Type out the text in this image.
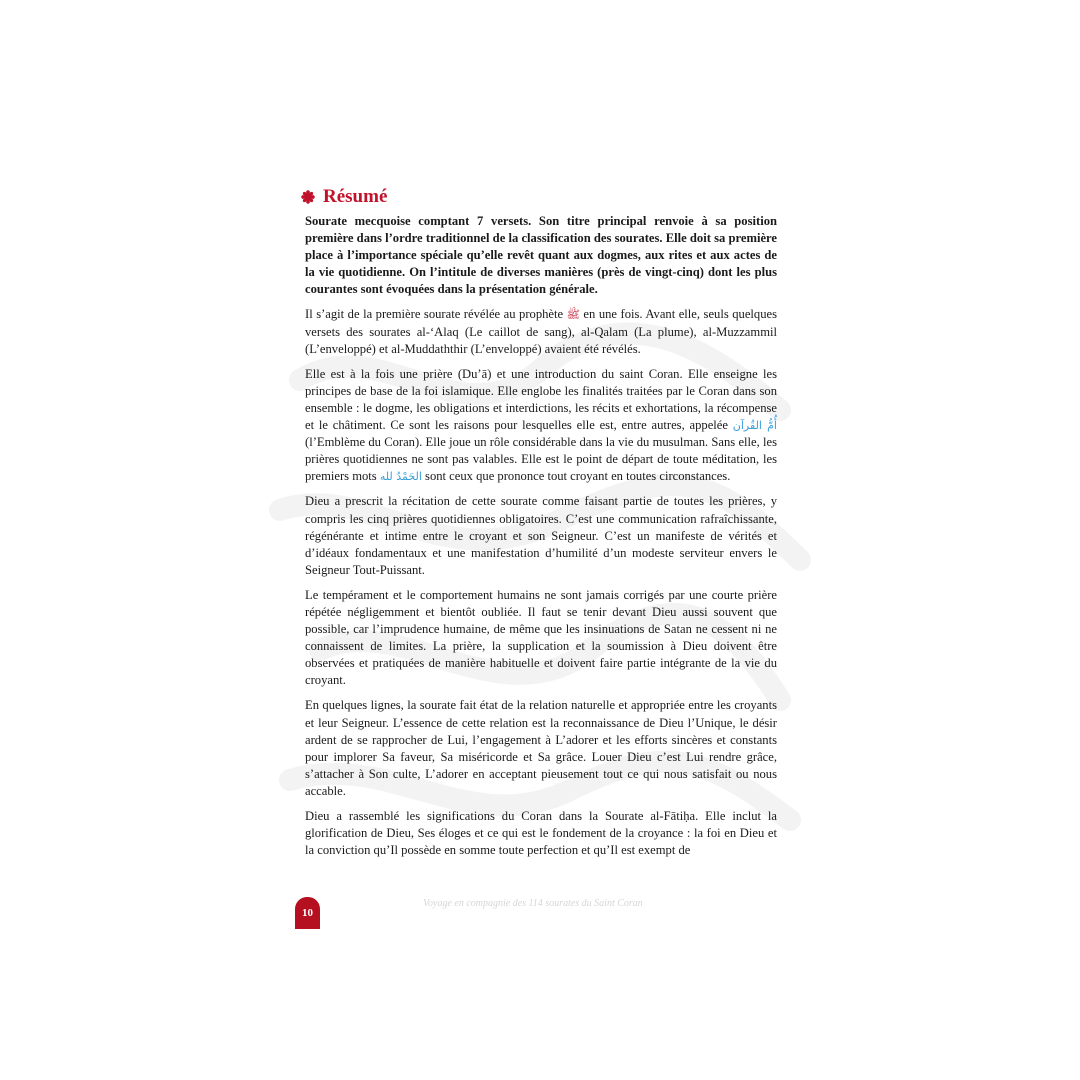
Résumé

Sourate mecquoise comptant 7 versets. Son titre principal renvoie à sa position première dans l’ordre traditionnel de la classification des sourates. Elle doit sa première place à l’importance spéciale qu’elle revêt quant aux dogmes, aux rites et aux actes de la vie quotidienne. On l’intitule de diverses manières (près de vingt-cinq) dont les plus courantes sont évoquées dans la présentation générale.

Il s’agit de la première sourate révélée au prophète ﷺ en une fois. Avant elle, seuls quelques versets des sourates al-‘Alaq (Le caillot de sang), al-Qalam (La plume), al-Muzzammil (L’enveloppé) et al-Muddaththir (L’enveloppé) avaient été révélés.

Elle est à la fois une prière (Du’ā) et une introduction du saint Coran. Elle enseigne les principes de base de la foi islamique. Elle englobe les finalités traitées par le Coran dans son ensemble : le dogme, les obligations et interdictions, les récits et exhortations, la récompense et le châtiment. Ce sont les raisons pour lesquelles elle est, entre autres, appelée أُمُّ القُرآن (l’Emblème du Coran). Elle joue un rôle considérable dans la vie du musulman. Sans elle, les prières quotidiennes ne sont pas valables. Elle est le point de départ de toute méditation, les premiers mots الحَمْدُ لله sont ceux que prononce tout croyant en toutes circonstances.

Dieu a prescrit la récitation de cette sourate comme faisant partie de toutes les prières, y compris les cinq prières quotidiennes obligatoires. C’est une communication rafraîchissante, régénérante et intime entre le croyant et son Seigneur. C’est un manifeste de vérités et d’idéaux fondamentaux et une manifestation d’humilité d’un modeste serviteur envers le Seigneur Tout-Puissant.

Le tempérament et le comportement humains ne sont jamais corrigés par une courte prière répétée négligemment et bientôt oubliée. Il faut se tenir devant Dieu aussi souvent que possible, car l’imprudence humaine, de même que les insinuations de Satan ne cessent ni ne connaissent de limites. La prière, la supplication et la soumission à Dieu doivent être observées et pratiquées de manière habituelle et doivent faire partie intégrante de la vie du croyant.

En quelques lignes, la sourate fait état de la relation naturelle et appropriée entre les croyants et leur Seigneur. L’essence de cette relation est la reconnaissance de Dieu l’Unique, le désir ardent de se rapprocher de Lui, l’engagement à L’adorer et les efforts sincères et constants pour implorer Sa faveur, Sa miséricorde et Sa grâce. Louer Dieu c’est Lui rendre grâce, s’attacher à Son culte, L’adorer en acceptant pieusement tout ce qui nous satisfait ou nous accable.

Dieu a rassemblé les significations du Coran dans la Sourate al-Fātiḥa. Elle inclut la glorification de Dieu, Ses éloges et ce qui est le fondement de la croyance : la foi en Dieu et la conviction qu’Il possède en somme toute perfection et qu’Il est exempt de

10
Voyage en compagnie des 114 sourates du Saint Coran
